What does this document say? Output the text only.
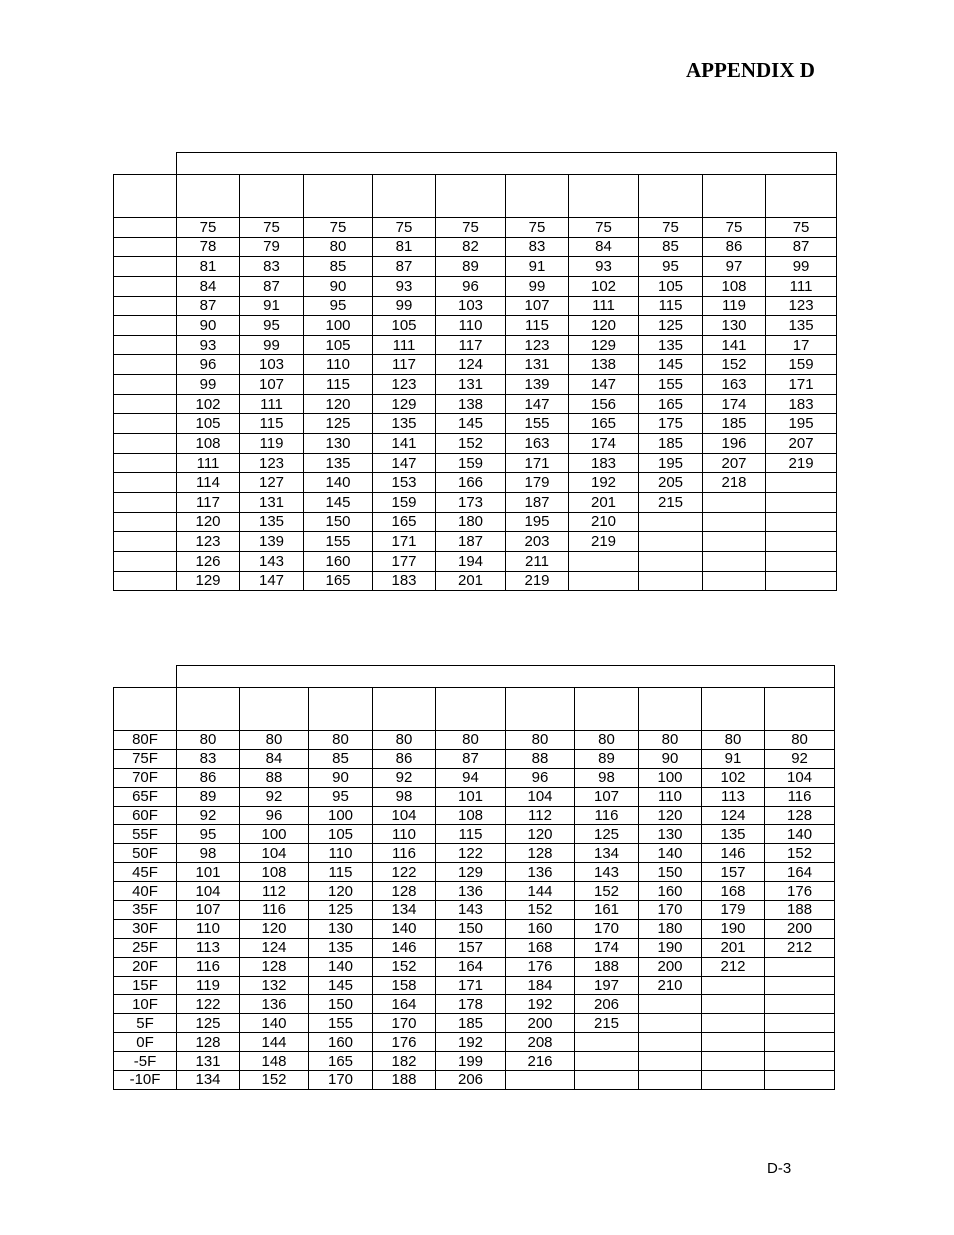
APPENDIX D

	75	75	75	75	75	75	75	75	75	75
	78	79	80	81	82	83	84	85	86	87
	81	83	85	87	89	91	93	95	97	99
	84	87	90	93	96	99	102	105	108	111
	87	91	95	99	103	107	111	115	119	123
	90	95	100	105	110	115	120	125	130	135
	93	99	105	111	117	123	129	135	141	17
	96	103	110	117	124	131	138	145	152	159
	99	107	115	123	131	139	147	155	163	171
	102	111	120	129	138	147	156	165	174	183
	105	115	125	135	145	155	165	175	185	195
	108	119	130	141	152	163	174	185	196	207
	111	123	135	147	159	171	183	195	207	219
	114	127	140	153	166	179	192	205	218	
	117	131	145	159	173	187	201	215		
	120	135	150	165	180	195	210			
	123	139	155	171	187	203	219			
	126	143	160	177	194	211				
	129	147	165	183	201	219				

80F	80	80	80	80	80	80	80	80	80	80
75F	83	84	85	86	87	88	89	90	91	92
70F	86	88	90	92	94	96	98	100	102	104
65F	89	92	95	98	101	104	107	110	113	116
60F	92	96	100	104	108	112	116	120	124	128
55F	95	100	105	110	115	120	125	130	135	140
50F	98	104	110	116	122	128	134	140	146	152
45F	101	108	115	122	129	136	143	150	157	164
40F	104	112	120	128	136	144	152	160	168	176
35F	107	116	125	134	143	152	161	170	179	188
30F	110	120	130	140	150	160	170	180	190	200
25F	113	124	135	146	157	168	174	190	201	212
20F	116	128	140	152	164	176	188	200	212	
15F	119	132	145	158	171	184	197	210		
10F	122	136	150	164	178	192	206			
5F	125	140	155	170	185	200	215			
0F	128	144	160	176	192	208				
-5F	131	148	165	182	199	216				
-10F	134	152	170	188	206					
D-3
